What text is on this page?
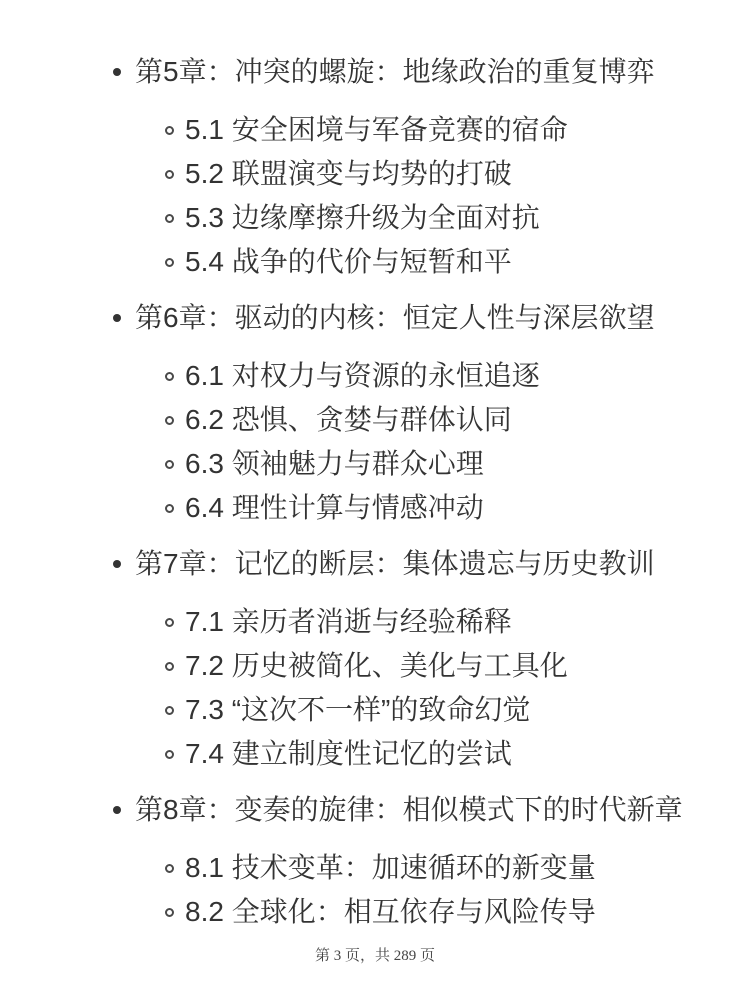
第5章：冲突的螺旋：地缘政治的重复博弈
5.1 安全困境与军备竞赛的宿命
5.2 联盟演变与均势的打破
5.3 边缘摩擦升级为全面对抗
5.4 战争的代价与短暂和平
第6章：驱动的内核：恒定人性与深层欲望
6.1 对权力与资源的永恒追逐
6.2 恐惧、贪婪与群体认同
6.3 领袖魅力与群众心理
6.4 理性计算与情感冲动
第7章：记忆的断层：集体遗忘与历史教训
7.1 亲历者消逝与经验稀释
7.2 历史被简化、美化与工具化
7.3 “这次不一样”的致命幻觉
7.4 建立制度性记忆的尝试
第8章：变奏的旋律：相似模式下的时代新章
8.1 技术变革：加速循环的新变量
8.2 全球化：相互依存与风险传导
第 3 页，共 289 页
